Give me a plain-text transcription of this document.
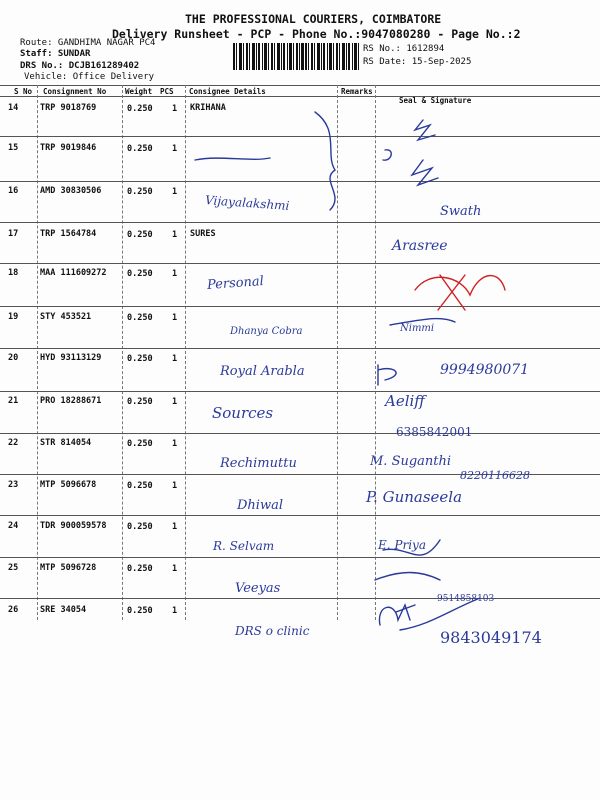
THE PROFESSIONAL COURIERS, COIMBATORE
Delivery Runsheet - PCP - Phone No.:9047080280 - Page No.:2
Route: GANDHIMA NAGAR PC4
Staff: SUNDAR
DRS No.: DCJB161289402
Vehicle: Office Delivery
RS No.: 1612894
RS Date: 15-Sep-2025
S No Consignment No	Weight PCS Consignee Details	Remarks
Seal & Signature
14	TRP 9018769	0.250 1 KRIHANA
15	TRP 9019846	0.250 1
16	AMD 30830506	0.250 1
17	TRP 1564784	0.250 1 SURES
18	MAA 111609272 0.250 1
19	STY 453521	0.250 1
20	HYD 93113129	0.250 1
21	PRO 18288671	0.250 1
22	STR 814054	0.250 1
23	MTP 5096678	0.250 1
24	TDR 900059578 0.250 1
25	MTP 5096728	0.250 1
26	SRE 34054	0.250 1
Vijayalakshmi
Personal
Dhanya Cobra
Royal Arabla
Sources
Rechimuttu
Dhiwal
R. Selvam
Veeyas
DRS o clinic
9994980071
6385842001
8220116628
9514858103
9843049174
Swath
Arasree
Nimmi
Aeliff
M. Suganthi
P. Gunaseela
E. Priya
